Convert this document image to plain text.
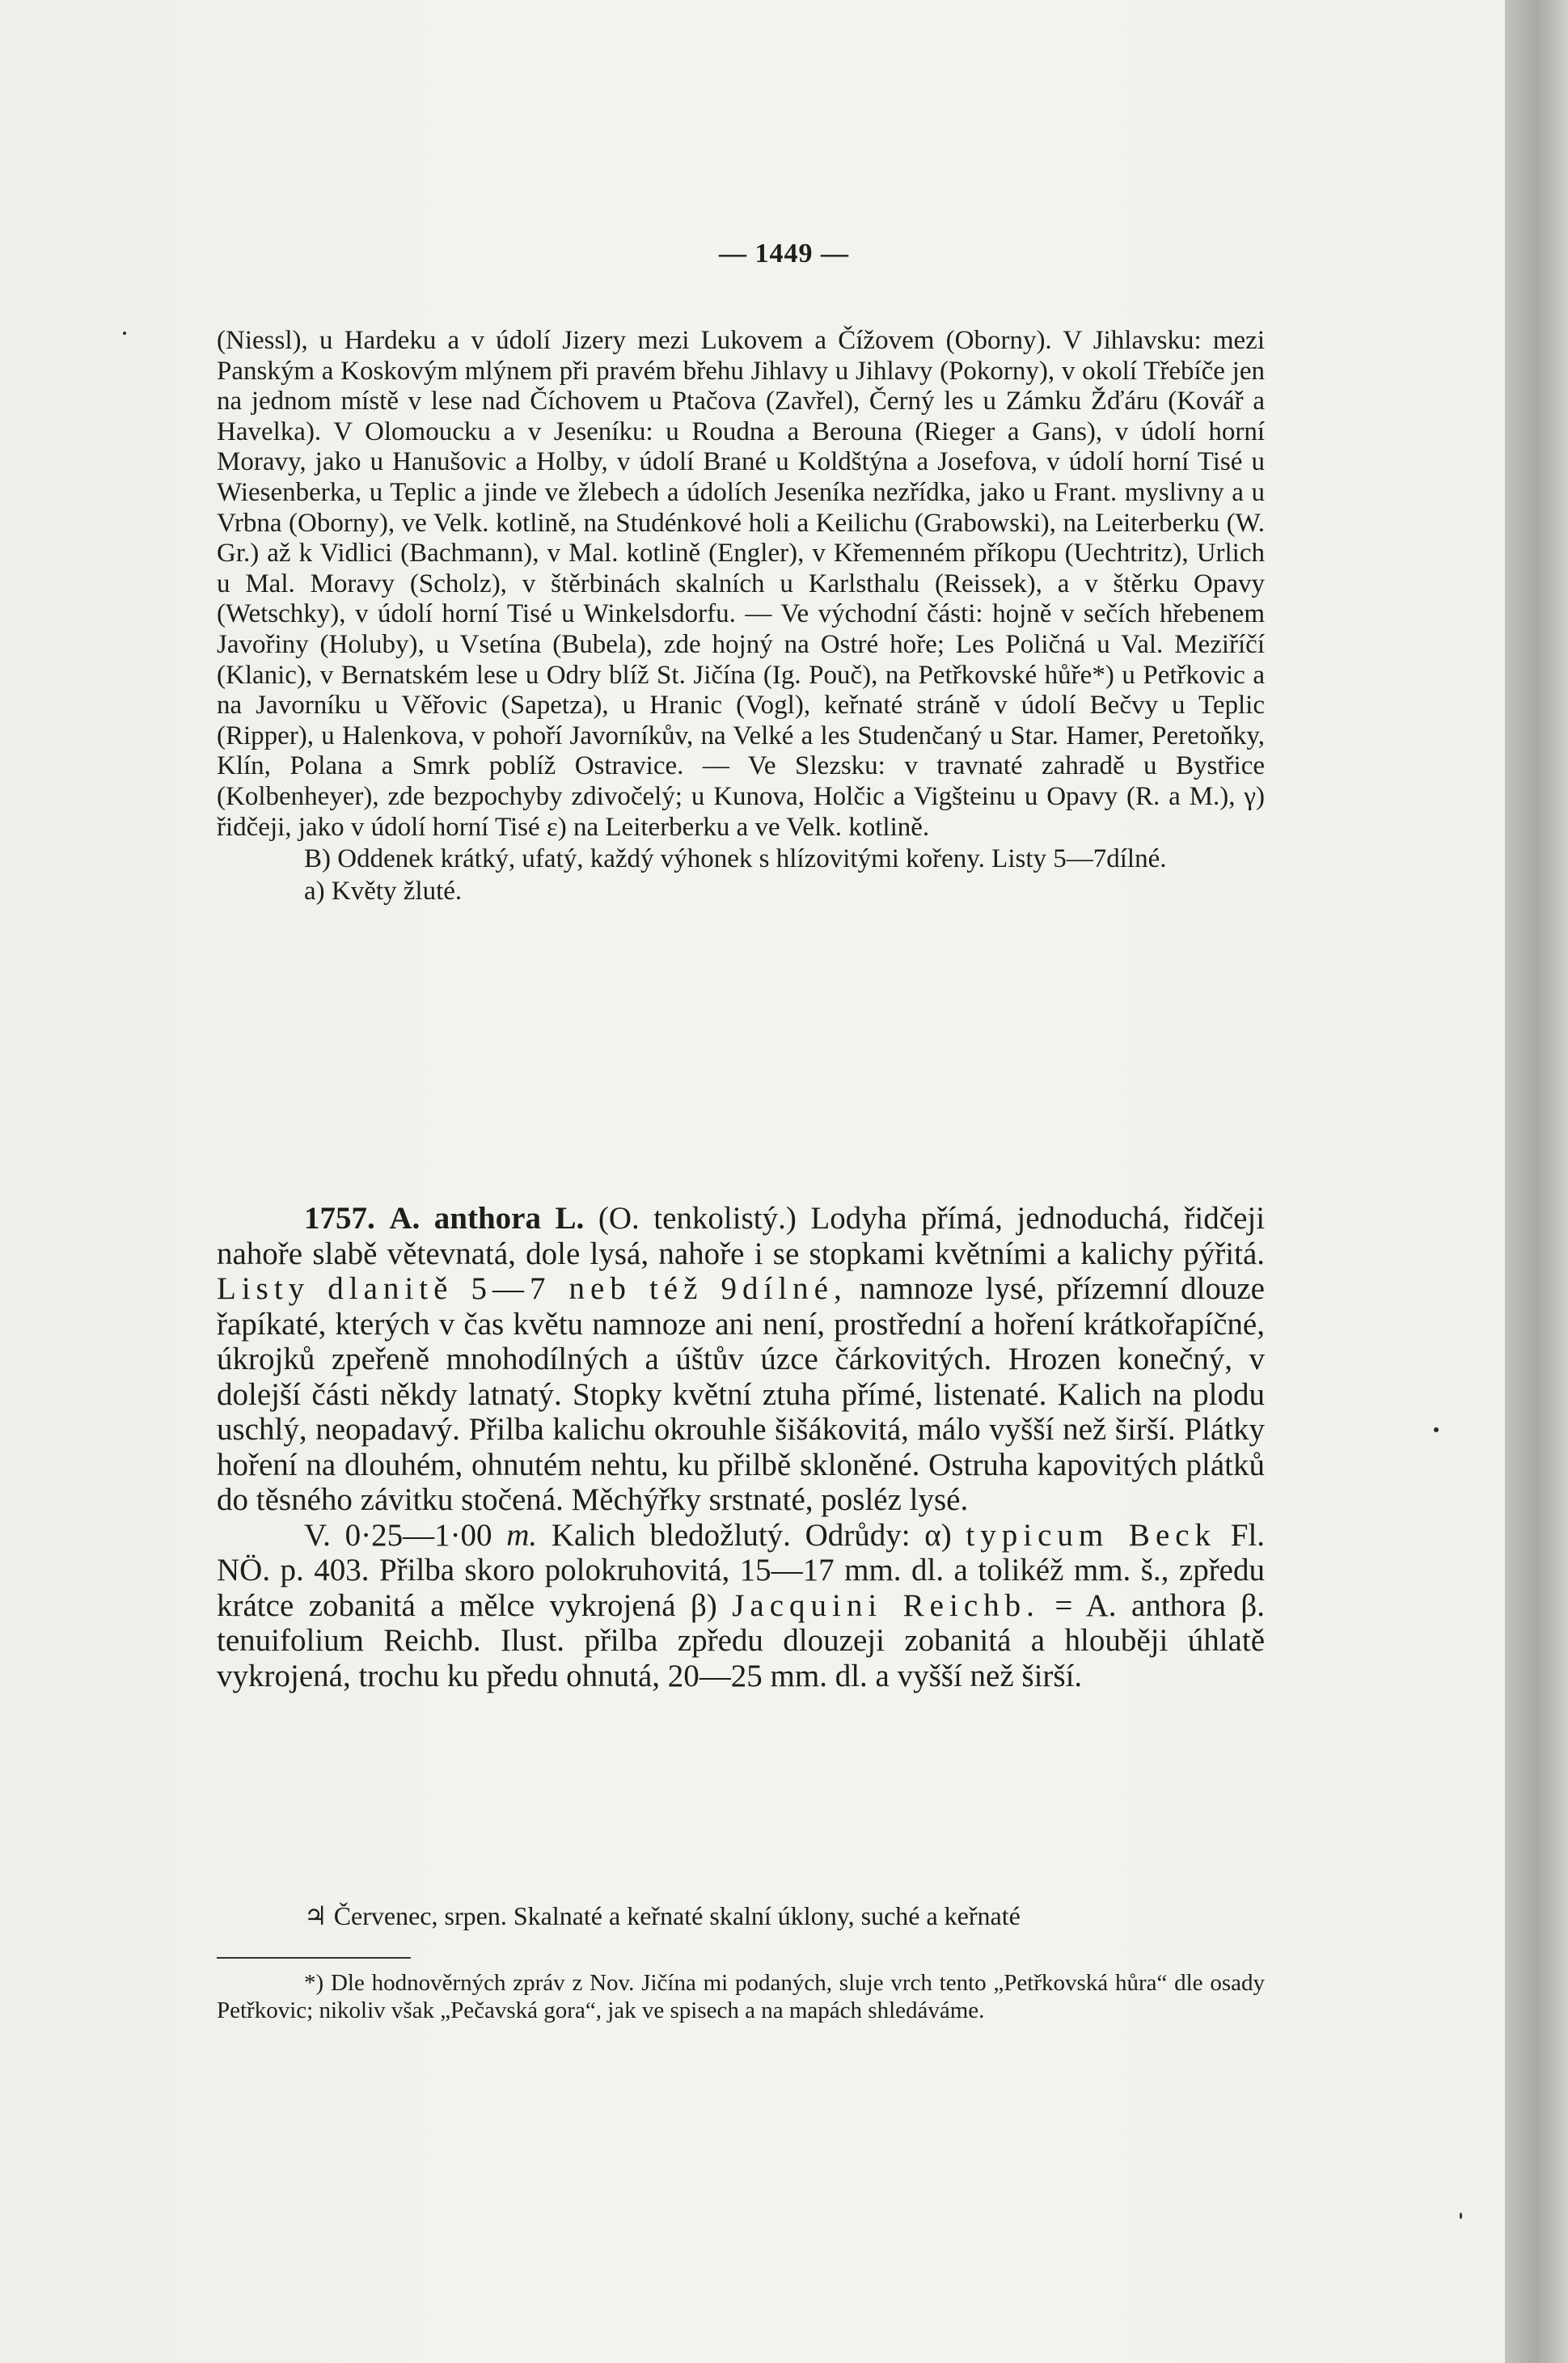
— 1449 —

(Niessl), u Hardeku a v údolí Jizery mezi Lukovem a Čížovem (Oborny). V Jihlavsku: mezi Panským a Koskovým mlýnem při pravém břehu Jihlavy u Jihlavy (Pokorny), v okolí Třebíče jen na jednom místě v lese nad Číchovem u Ptačova (Zavřel), Černý les u Zámku Žďáru (Kovář a Havelka). V Olomoucku a v Jeseníku: u Roudna a Berouna (Rieger a Gans), v údolí horní Moravy, jako u Hanušovic a Holby, v údolí Brané u Koldštýna a Josefova, v údolí horní Tisé u Wiesenberka, u Teplic a jinde ve žlebech a údolích Jeseníka nezřídka, jako u Frant. myslivny a u Vrbna (Oborny), ve Velk. kotlině, na Studénkové holi a Keilichu (Grabowski), na Leiterberku (W. Gr.) až k Vidlici (Bachmann), v Mal. kotlině (Engler), v Křemenném příkopu (Uechtritz), Urlich u Mal. Moravy (Scholz), v štěrbinách skalních u Karlsthalu (Reissek), a v štěrku Opavy (Wetschky), v údolí horní Tisé u Winkelsdorfu. — Ve východní části: hojně v sečích hřebenem Javořiny (Holuby), u Vsetína (Bubela), zde hojný na Ostré hoře; Les Poličná u Val. Meziříčí (Klanic), v Bernatském lese u Odry blíž St. Jičína (Ig. Pouč), na Petřkovské hůře*) u Petřkovic a na Javorníku u Věřovic (Sapetza), u Hranic (Vogl), keřnaté stráně v údolí Bečvy u Teplic (Ripper), u Halenkova, v pohoří Javorníkův, na Velké a les Studenčaný u Star. Hamer, Peretoňky, Klín, Polana a Smrk poblíž Ostravice. — Ve Slezsku: v travnaté zahradě u Bystřice (Kolbenheyer), zde bezpochyby zdivočelý; u Kunova, Holčic a Vigšteinu u Opavy (R. a M.), γ) řidčeji, jako v údolí horní Tisé ε) na Leiterberku a ve Velk. kotlině.

B) Oddenek krátký, ufatý, každý výhonek s hlízovitými kořeny. Listy 5—7dílné.

a) Květy žluté.

1757. A. anthora L. (O. tenkolistý.) Lodyha přímá, jednoduchá, řidčeji nahoře slabě větevnatá, dole lysá, nahoře i se stopkami květními a kalichy pýřitá. Listy dlanitě 5—7 neb též 9dílné, namnoze lysé, přízemní dlouze řapíkaté, kterých v čas květu namnoze ani není, prostřední a hoření krátkořapíčné, úkrojků zpeřeně mnohodílných a úštův úzce čárkovitých. Hrozen konečný, v dolejší části někdy latnatý. Stopky květní ztuha přímé, listenaté. Kalich na plodu uschlý, neopadavý. Přilba kalichu okrouhle šišákovitá, málo vyšší než širší. Plátky hoření na dlouhém, ohnutém nehtu, ku přilbě skloněné. Ostruha kapovitých plátků do těsného závitku stočená. Měchýřky srstnaté, posléz lysé.

V. 0·25—1·00 m. Kalich bledožlutý. Odrůdy: α) typicum Beck Fl. NÖ. p. 403. Přilba skoro polokruhovitá, 15—17 mm. dl. a tolikéž mm. š., zpředu krátce zobanitá a mělce vykrojená β) Jacquini Reichb. = A. anthora β. tenuifolium Reichb. Ilust. přilba zpředu dlouzeji zobanitá a hlouběji úhlatě vykrojená, trochu ku předu ohnutá, 20—25 mm. dl. a vyšší než širší.

♃ Červenec, srpen. Skalnaté a keřnaté skalní úklony, suché a keřnaté

*) Dle hodnověrných zpráv z Nov. Jičína mi podaných, sluje vrch tento „Petřkovská hůra“ dle osady Petřkovic; nikoliv však „Pečavská gora“, jak ve spisech a na mapách shledáváme.
